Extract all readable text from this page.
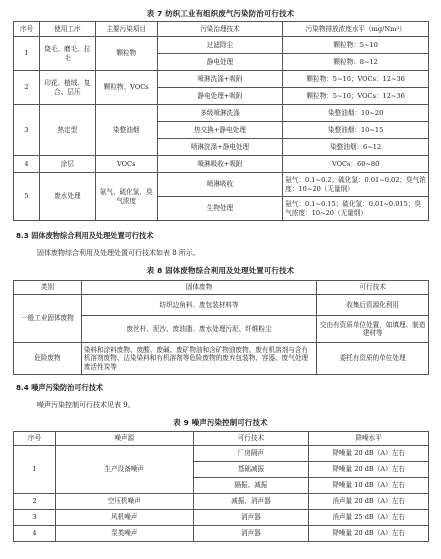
表 7 纺织工业有组织废气污染防治可行技术
序号	使用工序	主要污染项目	污染治理技术	污染物排放浓度水平（mg/Nm³）
1	烧毛、磨毛、拉毛	颗粒物	过滤除尘	颗粒物：5~10
			静电处理	颗粒物：8~12
2	印花、植绒、复合、层压	颗粒物、VOCs	喷淋洗涤+吸附	颗粒物：5~10；VOCs：12~36
			静电处理+吸附	颗粒物：5~10；VOCs：12~36
3	热定型	染整油烟	多级喷淋洗涤	染整油烟：10~20
			热交换+静电处理	染整油烟：10~15
			喷淋洗涤+静电处理	染整油烟：6~12
4	涂层	VOCs	喷淋吸收+吸附	VOCs：60~80
5	废水处理	氨气、硫化氢、臭气浓度	喷淋吸收	氨气：0.1~0.2；硫化氢：0.01~0.02；臭气浓度：10~20（无量纲）
			生物处理	氨气：0.1~0.15；硫化氢：0.01~0.015；臭气浓度：10~20（无量纲）
8.3 固体废物综合利用及处理处置可行技术
固体废物综合利用及处理处置可行技术如表 8 所示。
表 8 固体废物综合利用及处理处置可行技术
类别	固体废物	可行技术
一般工业固体废物	纺织边角料、废包装材料等	收集后资源化利用
	废丝杆、泥沙、废油脂、废水处理污泥、纤维粉尘	交由有资质单位处置，如填埋、制造建材等
危险废物	染料和涂料废物、废酸、废碱、废矿物油和含矿物油废物、废有机溶剂与含有机溶剂废物、沾染染料和有机溶剂等危险废物的废弃包装物、容器、废气处理废活性炭等	委托有资质的单位处理
8.4 噪声污染防治可行技术
噪声污染控制可行技术见表 9。
表 9 噪声污染控制可行技术
序号	噪声源	可行技术	降噪水平
1	生产设备噪声	厂房隔声	降噪量 20 dB（A）左右
		基础减振	降噪量 20 dB（A）左右
		隔振、减振	降噪量 10 dB（A）左右
2	空压机噪声	减振、消声器	消声量 20 dB（A）左右
3	风机噪声	消声器	消声量 25 dB（A）左右
4	泵类噪声	消声器	降噪量 20 dB（A）左右
